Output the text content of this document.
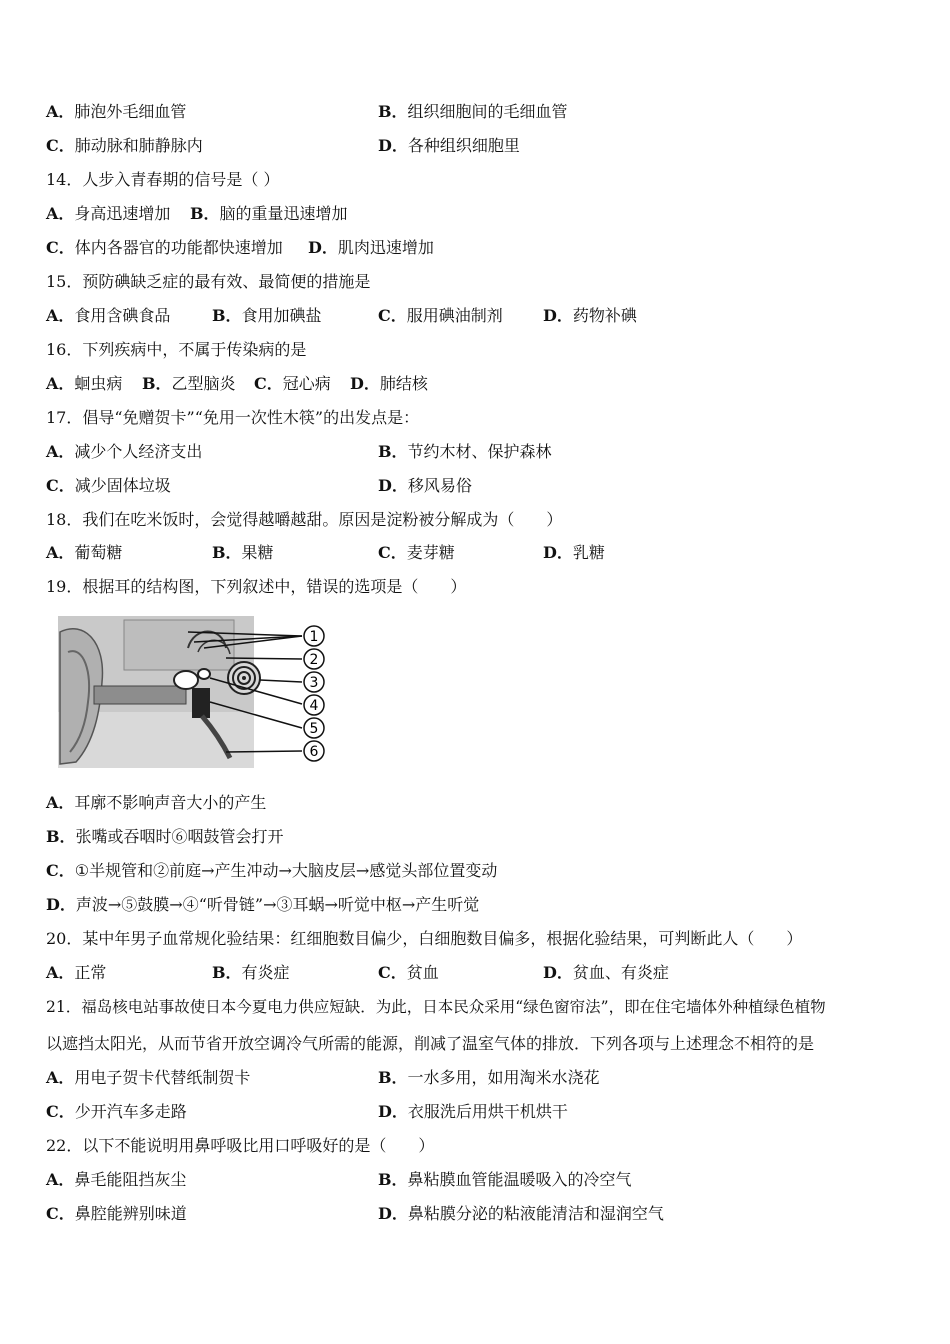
A．肺泡外毛细血管	B．组织细胞间的毛细血管
C．肺动脉和肺静脉内	D．各种组织细胞里
14．人步入青春期的信号是（ ）
A．身高迅速增加 B．脑的重量迅速增加
C．体内各器官的功能都快速增加 D．肌肉迅速增加
15．预防碘缺乏症的最有效、最简便的措施是
A．食用含碘食品	B．食用加碘盐	C．服用碘油制剂	D．药物补碘
16．下列疾病中，不属于传染病的是
A．蛔虫病 B．乙型脑炎 C．冠心病 D．肺结核
17．倡导“免赠贺卡”“免用一次性木筷”的出发点是：
A．减少个人经济支出	B．节约木材、保护森林
C．减少固体垃圾	D．移风易俗
18．我们在吃米饭时，会觉得越嚼越甜。原因是淀粉被分解成为（　　）
A．葡萄糖	B．果糖	C．麦芽糖	D．乳糖
19．根据耳的结构图，下列叙述中，错误的选项是（　　）
1
2
3
4
5
6
A．耳廓不影响声音大小的产生
B．张嘴或吞咽时⑥咽鼓管会打开
C．①半规管和②前庭→产生冲动→大脑皮层→感觉头部位置变动
D．声波→⑤鼓膜→④“听骨链”→③耳蜗→听觉中枢→产生听觉
20．某中年男子血常规化验结果：红细胞数目偏少，白细胞数目偏多，根据化验结果，可判断此人（　　）
A．正常	B．有炎症	C．贫血	D．贫血、有炎症
21．福岛核电站事故使日本今夏电力供应短缺．为此，日本民众采用“绿色窗帘法”，即在住宅墙体外种植绿色植物
以遮挡太阳光，从而节省开放空调冷气所需的能源，削减了温室气体的排放．下列各项与上述理念不相符的是
A．用电子贺卡代替纸制贺卡	B．一水多用，如用淘米水浇花
C．少开汽车多走路	D．衣服洗后用烘干机烘干
22．以下不能说明用鼻呼吸比用口呼吸好的是（　　）
A．鼻毛能阻挡灰尘	B．鼻粘膜血管能温暖吸入的冷空气
C．鼻腔能辨别味道	D．鼻粘膜分泌的粘液能清洁和湿润空气
